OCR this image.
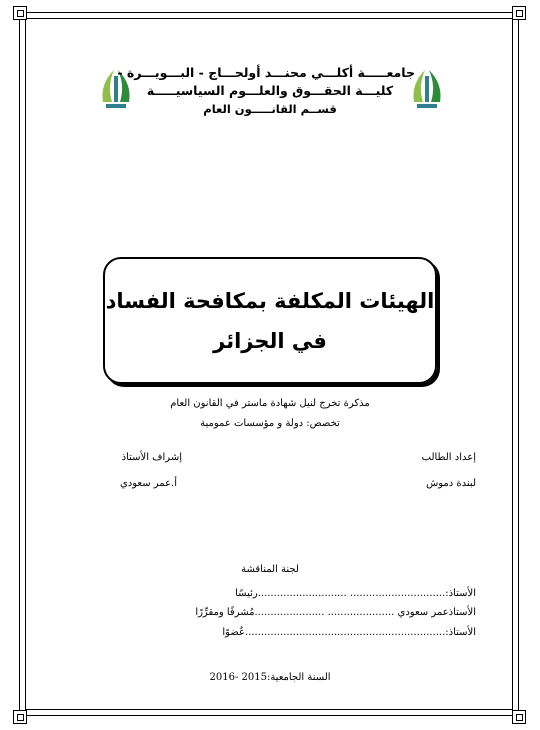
جامعـــــة أكلـــي محنـــد أولحـــاج - البـــويـــرة -
كليـــة الحقـــوق والعلـــوم السياسيـــــة
قســم القانـــــون العام
الهيئات المكلفة بمكافحة الفساد
في الجزائر
مذكرة تخرج لنيل شهادة ماستر في القانون العام
تخصص: دولة و مؤسسات عمومية
إعداد الطالب
لبندة دموش
إشراف الأستاذ
أ.عمر سعودي
لجنة المناقشة
الأستاذ:.............................. ............................رئيسًا
الأستاذعمر سعودي ..................... ......................مُشرفًا ومقرِّرًا
الأستاذ:...............................................................عُضوًا
السنة الجامعية:2015 -2016
